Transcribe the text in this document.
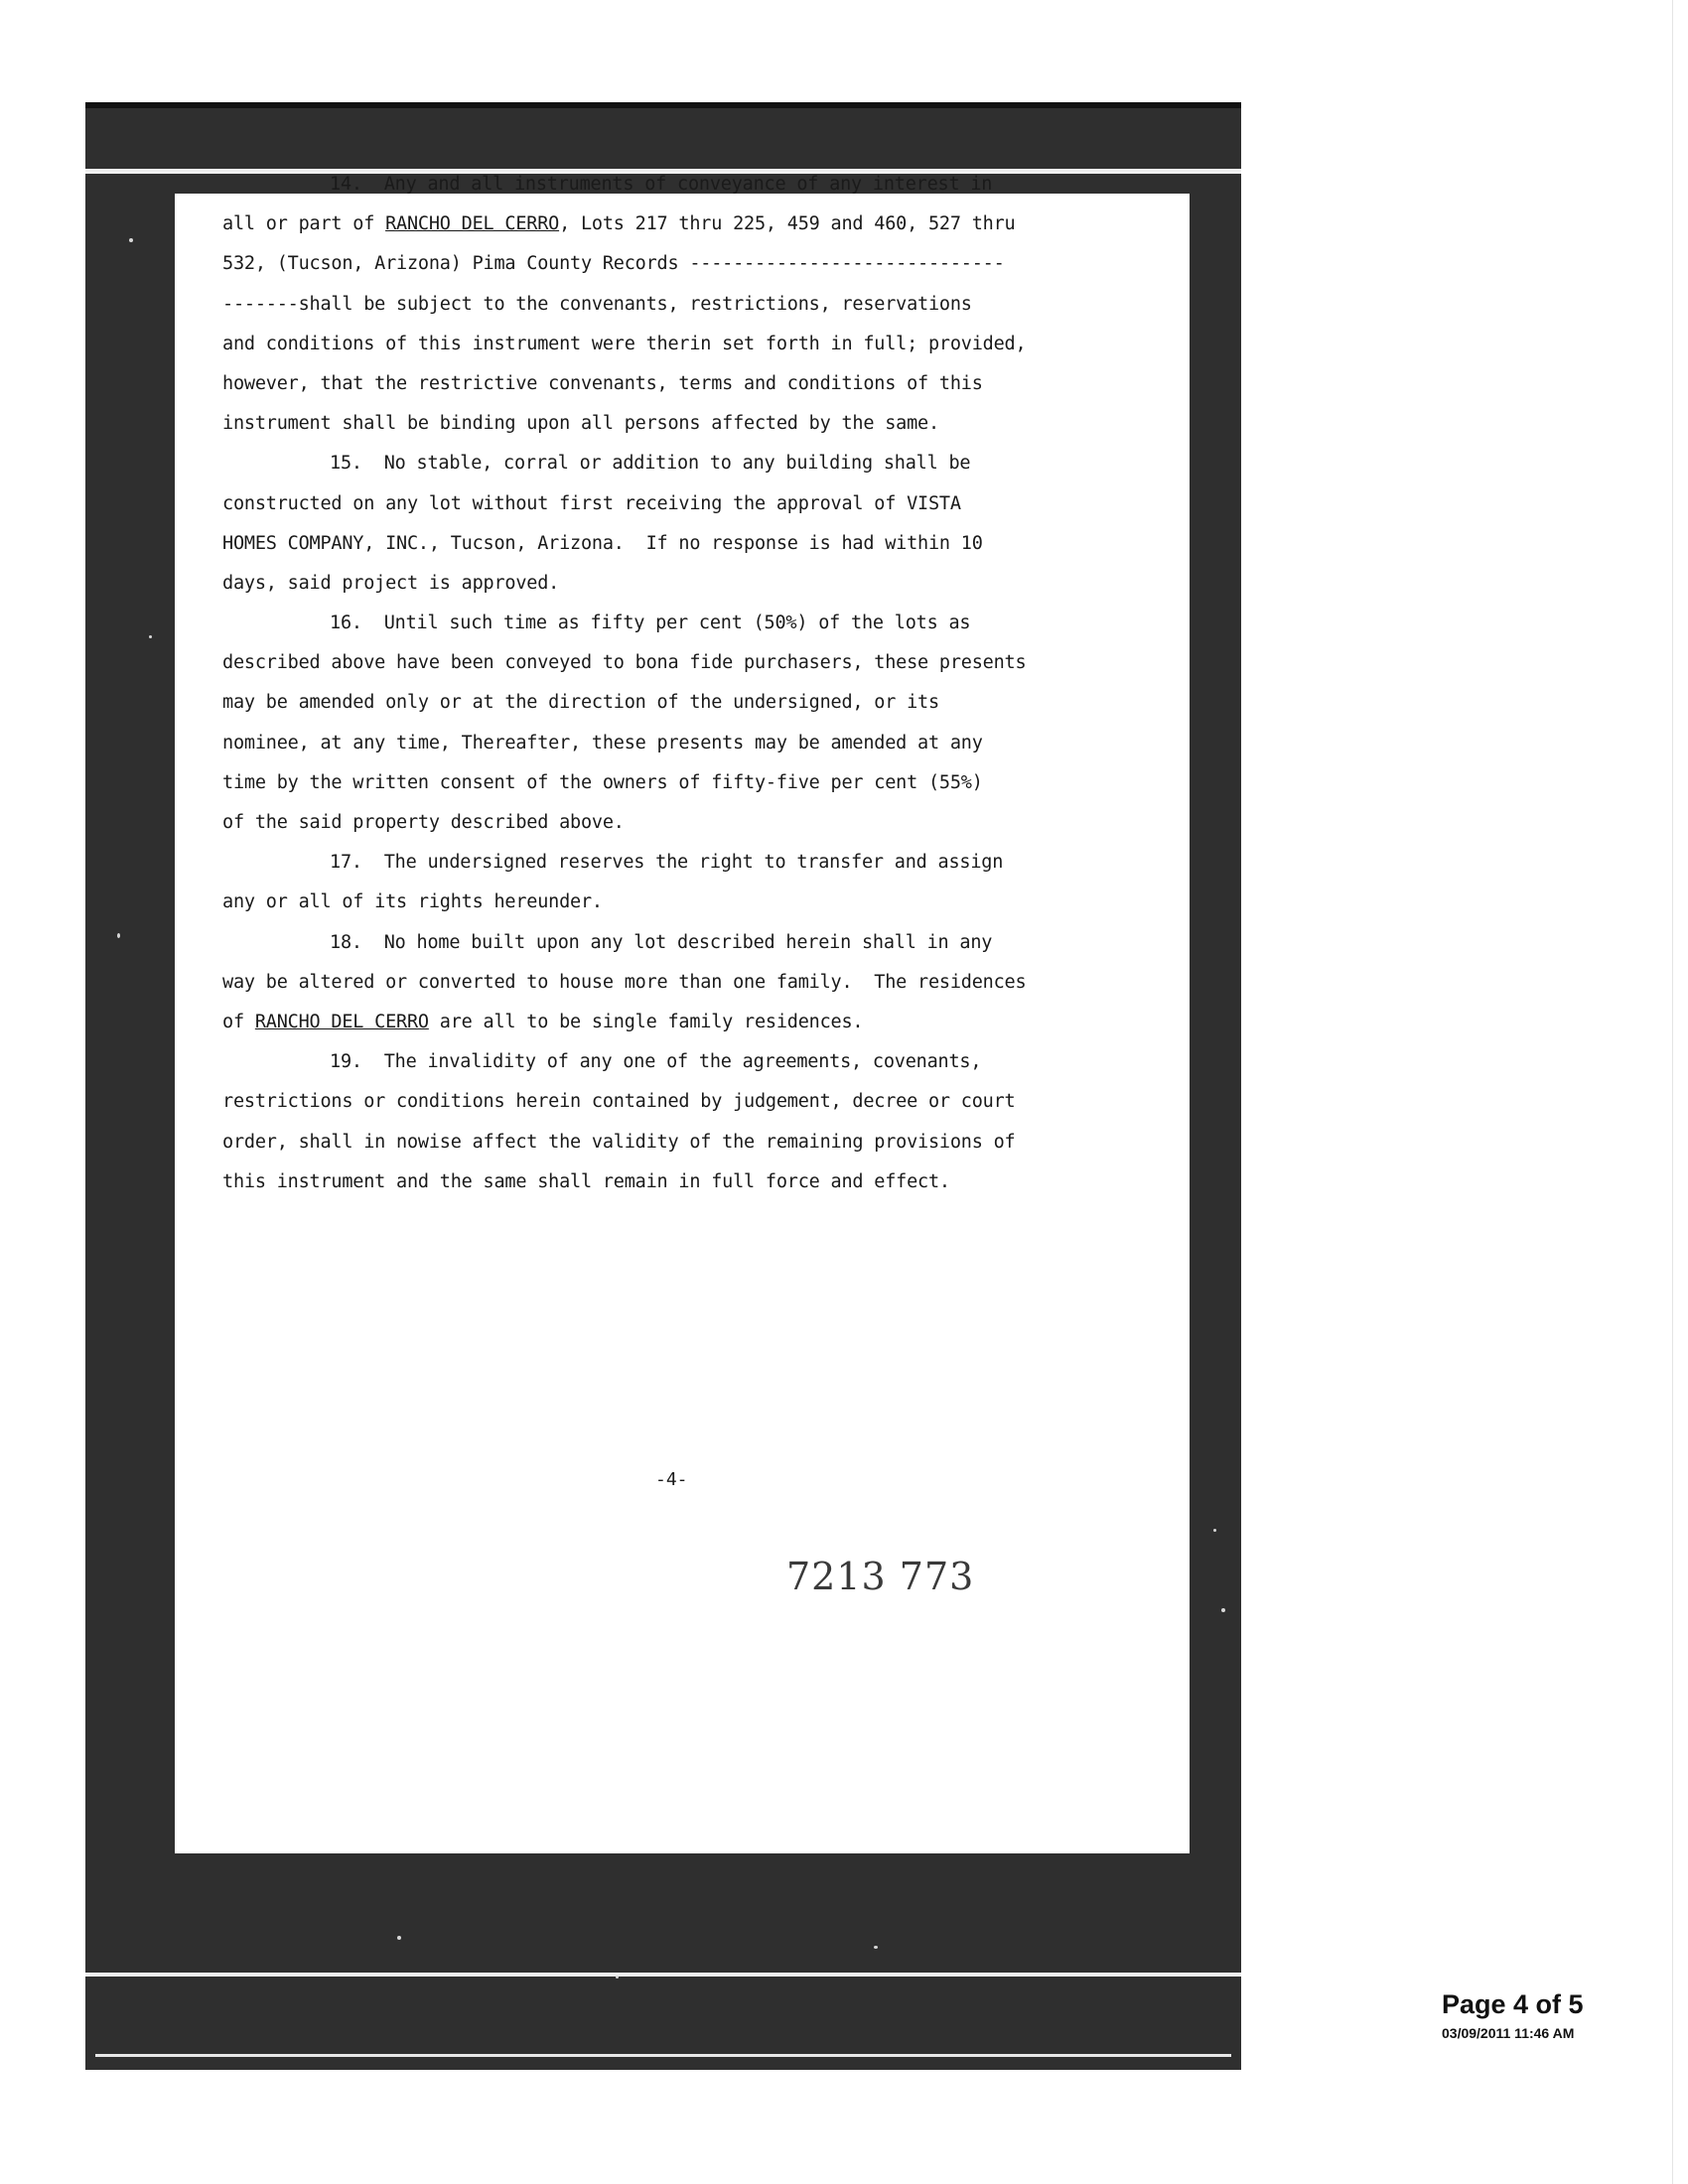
14.  Any and all instruments of conveyance of any interest in
all or part of RANCHO DEL CERRO, Lots 217 thru 225, 459 and 460, 527 thru
532, (Tucson, Arizona) Pima County Records -----------------------------
-------shall be subject to the convenants, restrictions, reservations
and conditions of this instrument were therin set forth in full; provided,
however, that the restrictive convenants, terms and conditions of this
instrument shall be binding upon all persons affected by the same.
15.  No stable, corral or addition to any building shall be
constructed on any lot without first receiving the approval of VISTA
HOMES COMPANY, INC., Tucson, Arizona.  If no response is had within 10
days, said project is approved.
16.  Until such time as fifty per cent (50%) of the lots as
described above have been conveyed to bona fide purchasers, these presents
may be amended only or at the direction of the undersigned, or its
nominee, at any time, Thereafter, these presents may be amended at any
time by the written consent of the owners of fifty-five per cent (55%)
of the said property described above.
17.  The undersigned reserves the right to transfer and assign
any or all of its rights hereunder.
18.  No home built upon any lot described herein shall in any
way be altered or converted to house more than one family.  The residences
of RANCHO DEL CERRO are all to be single family residences.
19.  The invalidity of any one of the agreements, covenants,
restrictions or conditions herein contained by judgement, decree or court
order, shall in nowise affect the validity of the remaining provisions of
this instrument and the same shall remain in full force and effect.
-4-
7213 773
Page 4 of 5
03/09/2011 11:46 AM
